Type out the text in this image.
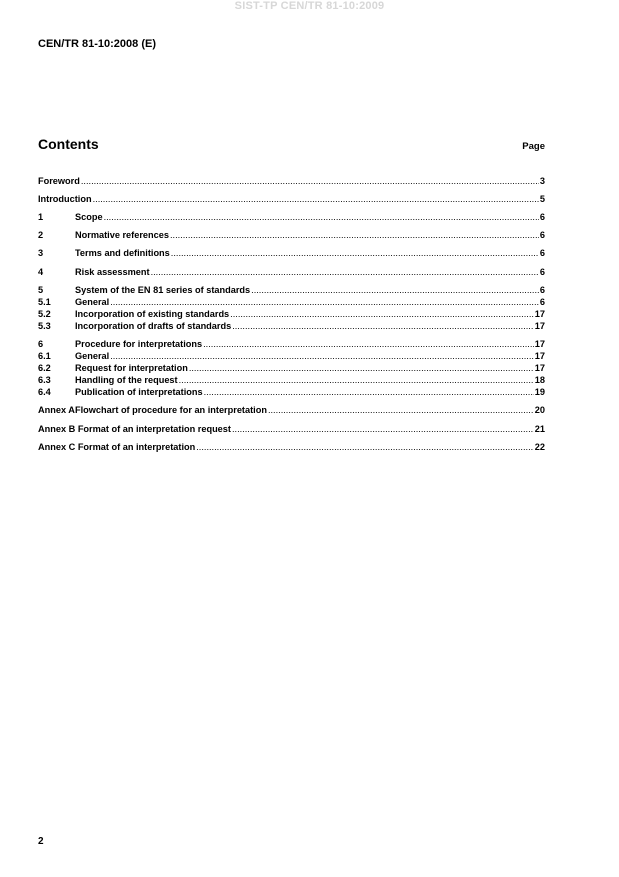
SIST-TP CEN/TR 81-10:2009
CEN/TR 81-10:2008 (E)
Contents	Page
Foreword .....	3
Introduction .....	5
1	Scope .....	6
2	Normative references .....	6
3	Terms and definitions .....	6
4	Risk assessment .....	6
5	System of the EN 81 series of standards .....	6
5.1	General .....	6
5.2	Incorporation of existing standards .....	17
5.3	Incorporation of drafts of standards .....	17
6	Procedure for interpretations .....	17
6.1	General .....	17
6.2	Request for interpretation .....	17
6.3	Handling of the request .....	18
6.4	Publication of interpretations .....	19
Annex A Flowchart of procedure for an interpretation .....	20
Annex B Format of an interpretation request .....	21
Annex C Format of an interpretation .....	22
2
